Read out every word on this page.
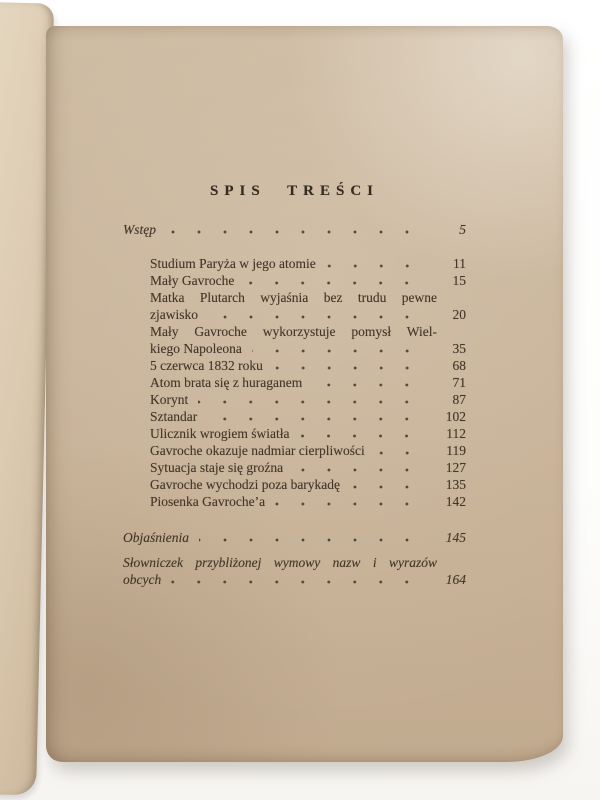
SPIS TREŚCI
Wstęp	5
Studium Paryża w jego atomie	11
Mały Gavroche	15
Matka Plutarch wyjaśnia bez trudu pewne
zjawisko	20
Mały Gavroche wykorzystuje pomysł Wiel-
kiego Napoleona	35
5 czerwca 1832 roku	68
Atom brata się z huraganem	71
Korynt	87
Sztandar	102
Ulicznik wrogiem światła	112
Gavroche okazuje nadmiar cierpliwości	119
Sytuacja staje się groźna	127
Gavroche wychodzi poza barykadę	135
Piosenka Gavroche’a	142
Objaśnienia	145
Słowniczek przybliżonej wymowy nazw i wyrazów
obcych	164
